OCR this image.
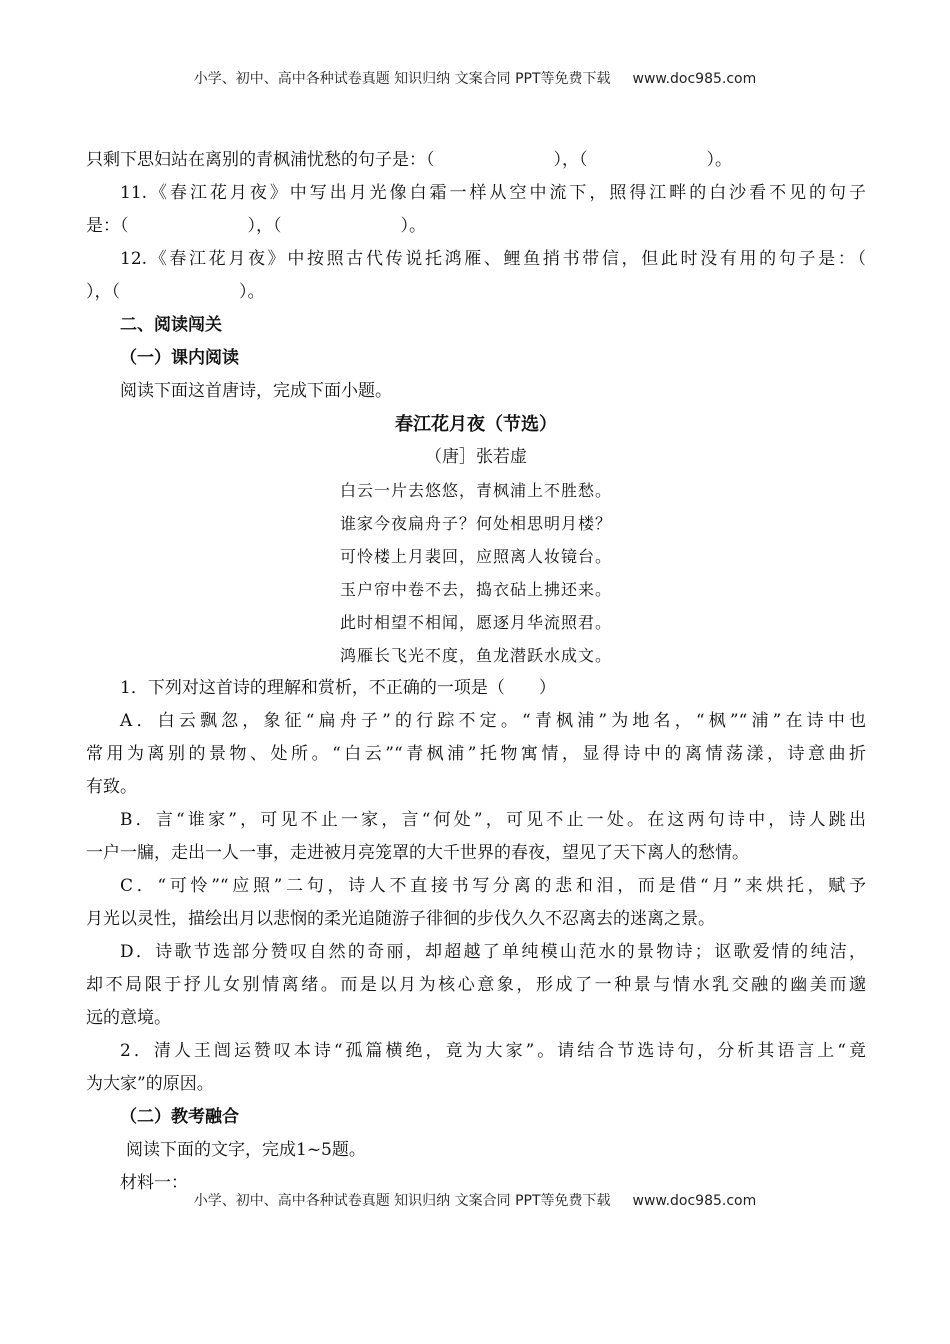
小学、初中、高中各种试卷真题 知识归纳 文案合同 PPT等免费下载 www.doc985.com
只剩下思妇站在离别的青枫浦忧愁的句子是：（　　　　　　　），（　　　　　　　）。
11.《春江花月夜》中写出月光像白霜一样从空中流下，照得江畔的白沙看不见的句子
是：（　　　　　　　），（　　　　　　　）。
12.《春江花月夜》中按照古代传说托鸿雁、鲤鱼捎书带信，但此时没有用的句子是：（
），（　　　　　　　）。
二、阅读闯关
（一）课内阅读
阅读下面这首唐诗，完成下面小题。
春江花月夜（节选）
（唐］张若虚
白云一片去悠悠，青枫浦上不胜愁。
谁家今夜扁舟子？何处相思明月楼？
可怜楼上月裴回，应照离人妆镜台。
玉户帘中卷不去，捣衣砧上拂还来。
此时相望不相闻，愿逐月华流照君。
鸿雁长飞光不度，鱼龙潜跃水成文。
1．下列对这首诗的理解和赏析，不正确的一项是（　　）
A．白云飘忽，象征“扁舟子”的行踪不定。“青枫浦”为地名，“枫”“浦”在诗中也
常用为离别的景物、处所。“白云”“青枫浦”托物寓情，显得诗中的离情荡漾，诗意曲折
有致。
B．言“谁家”，可见不止一家，言“何处”，可见不止一处。在这两句诗中，诗人跳出
一户一牖，走出一人一事，走进被月亮笼罩的大千世界的春夜，望见了天下离人的愁情。
C．“可怜”“应照”二句，诗人不直接书写分离的悲和泪，而是借“月”来烘托，赋予
月光以灵性，描绘出月以悲悯的柔光追随游子徘徊的步伐久久不忍离去的迷离之景。
D．诗歌节选部分赞叹自然的奇丽，却超越了单纯模山范水的景物诗；讴歌爱情的纯洁，
却不局限于抒儿女别情离绪。而是以月为核心意象，形成了一种景与情水乳交融的幽美而邈
远的意境。
2．清人王闿运赞叹本诗“孤篇横绝，竟为大家”。请结合节选诗句，分析其语言上“竟
为大家”的原因。
（二）教考融合
阅读下面的文字，完成1~5题。
材料一：
小学、初中、高中各种试卷真题 知识归纳 文案合同 PPT等免费下载 www.doc985.com
